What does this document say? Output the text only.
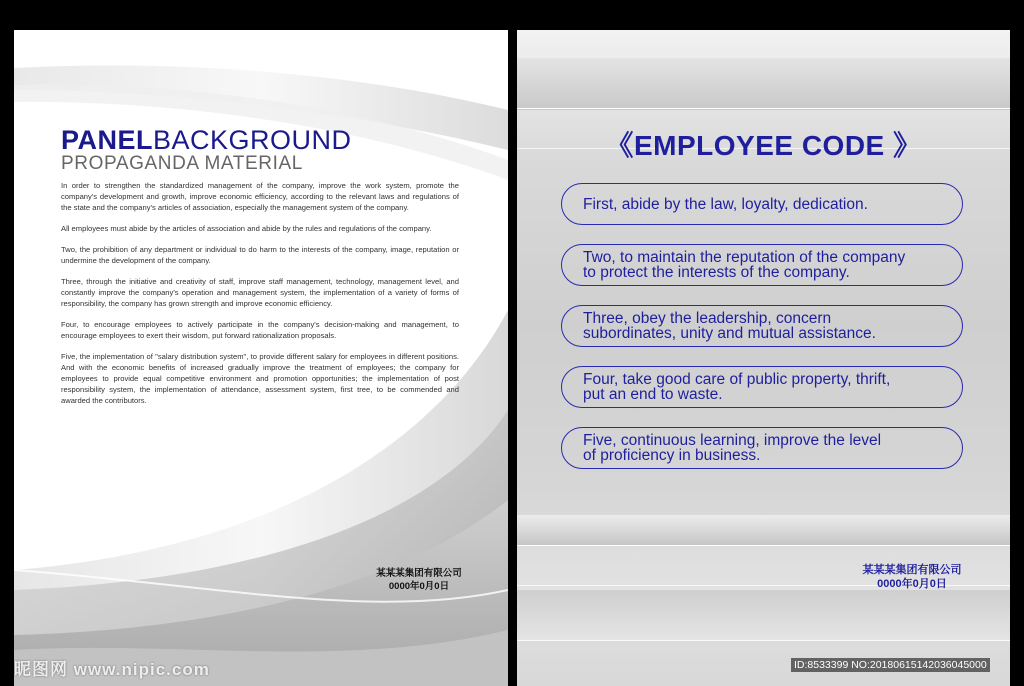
PANELBACKGROUND
PROPAGANDA MATERIAL

In order to strengthen the standardized management of the company, improve the work system, promote the company's development and growth, improve economic efficiency, according to the relevant laws and regulations of the state and the company's articles of association, especially the management system of the company.

All employees must abide by the articles of association and abide by the rules and regulations of the company.

Two, the prohibition of any department or individual to do harm to the interests of the company, image, reputation or undermine the development of the company.

Three, through the initiative and creativity of staff, improve staff management, technology, management level, and constantly improve the company's operation and management system, the implementation of a variety of forms of responsibility, the company has grown strength and improve economic efficiency.

Four, to encourage employees to actively participate in the company's decision-making and management, to encourage employees to exert their wisdom, put forward rationalization proposals.

Five, the implementation of "salary distribution system", to provide different salary for employees in different positions. And with the economic benefits of increased gradually improve the treatment of employees; the company for employees to provide equal competitive environment and promotion opportunities; the implementation of post responsibility system, the implementation of attendance, assessment system, first tree, to be commended and awarded the contributors.

某某某集团有限公司
0000年0月0日
《EMPLOYEE CODE 》
First, abide by the law, loyalty, dedication.
Two, to maintain the reputation of the company
to protect the interests of the company.
Three, obey the leadership, concern
subordinates, unity and mutual assistance.
Four, take good care of public property, thrift,
put an end to waste.
Five, continuous learning, improve the level
of proficiency in business.
某某某集团有限公司
0000年0月0日
昵图网 www.nipic.com	ID:8533399 NO:20180615142036045000
